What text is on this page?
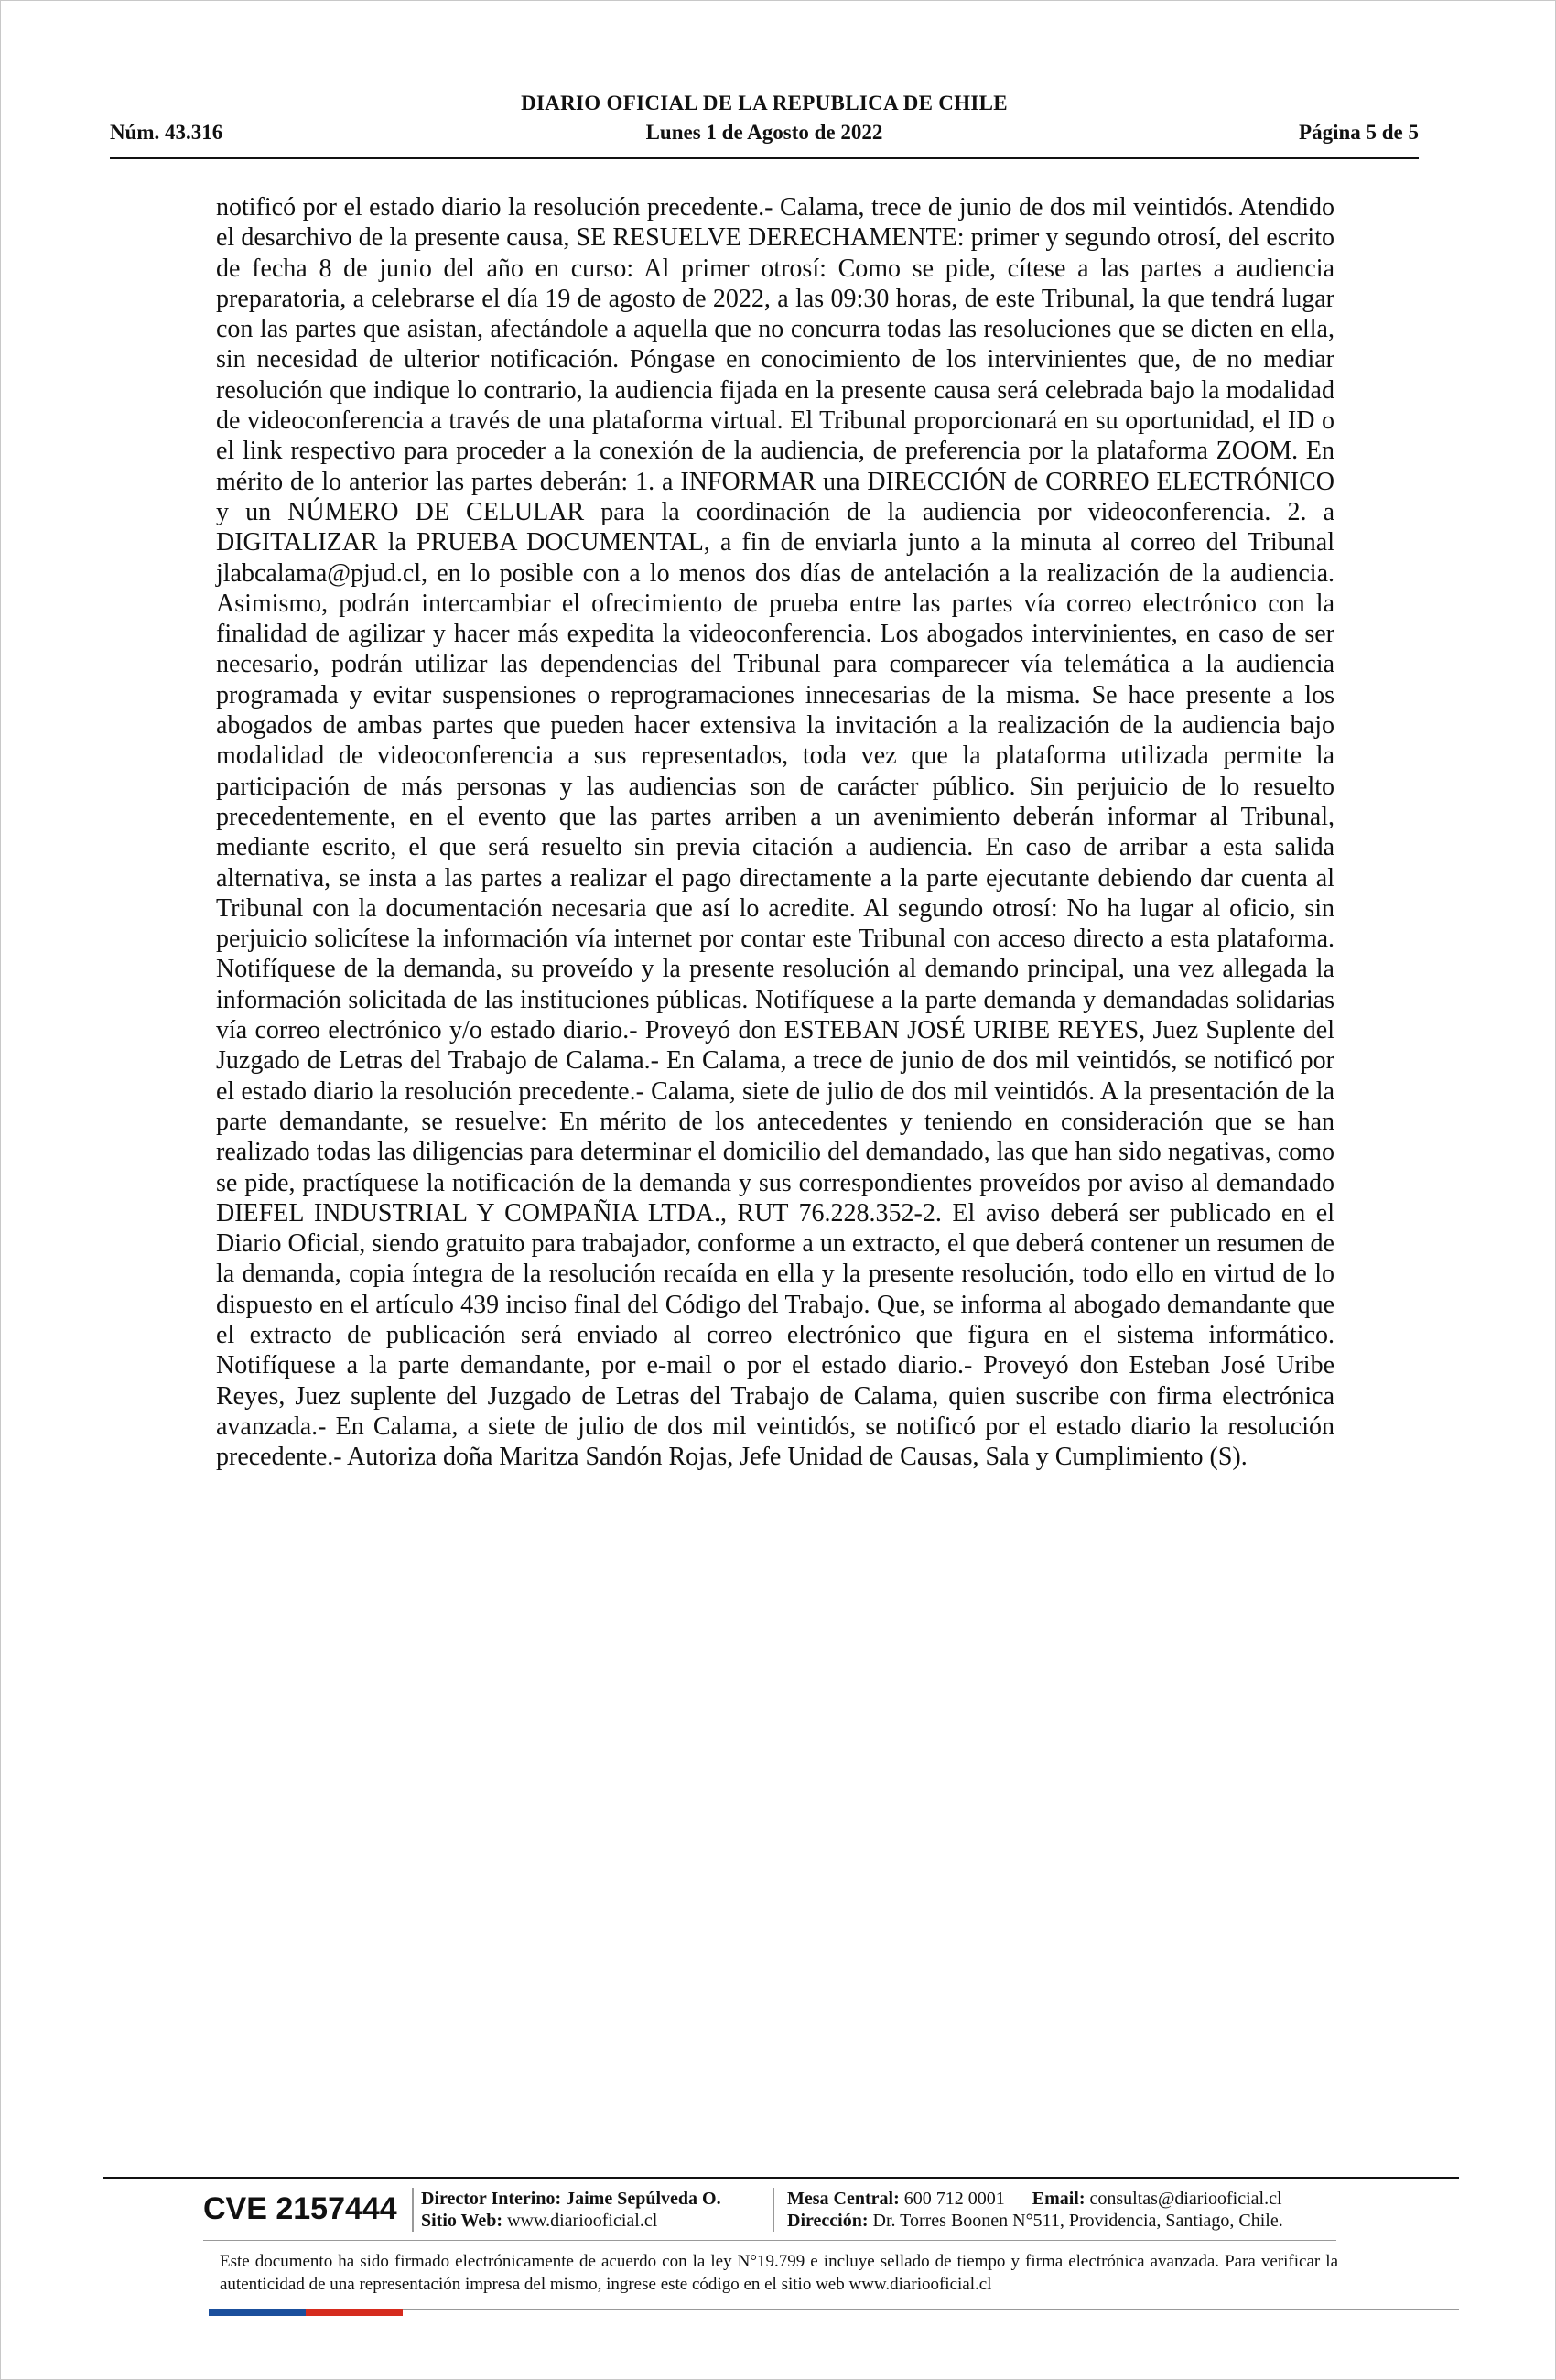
DIARIO OFICIAL DE LA REPUBLICA DE CHILE
Núm. 43.316	Lunes 1 de Agosto de 2022	Página 5 de 5

notificó por el estado diario la resolución precedente.- Calama, trece de junio de dos mil veintidós. Atendido el desarchivo de la presente causa, SE RESUELVE DERECHAMENTE: primer y segundo otrosí, del escrito de fecha 8 de junio del año en curso: Al primer otrosí: Como se pide, cítese a las partes a audiencia preparatoria, a celebrarse el día 19 de agosto de 2022, a las 09:30 horas, de este Tribunal, la que tendrá lugar con las partes que asistan, afectándole a aquella que no concurra todas las resoluciones que se dicten en ella, sin necesidad de ulterior notificación. Póngase en conocimiento de los intervinientes que, de no mediar resolución que indique lo contrario, la audiencia fijada en la presente causa será celebrada bajo la modalidad de videoconferencia a través de una plataforma virtual. El Tribunal proporcionará en su oportunidad, el ID o el link respectivo para proceder a la conexión de la audiencia, de preferencia por la plataforma ZOOM. En mérito de lo anterior las partes deberán: 1. a INFORMAR una DIRECCIÓN de CORREO ELECTRÓNICO y un NÚMERO DE CELULAR para la coordinación de la audiencia por videoconferencia. 2. a DIGITALIZAR la PRUEBA DOCUMENTAL, a fin de enviarla junto a la minuta al correo del Tribunal jlabcalama@pjud.cl, en lo posible con a lo menos dos días de antelación a la realización de la audiencia. Asimismo, podrán intercambiar el ofrecimiento de prueba entre las partes vía correo electrónico con la finalidad de agilizar y hacer más expedita la videoconferencia. Los abogados intervinientes, en caso de ser necesario, podrán utilizar las dependencias del Tribunal para comparecer vía telemática a la audiencia programada y evitar suspensiones o reprogramaciones innecesarias de la misma. Se hace presente a los abogados de ambas partes que pueden hacer extensiva la invitación a la realización de la audiencia bajo modalidad de videoconferencia a sus representados, toda vez que la plataforma utilizada permite la participación de más personas y las audiencias son de carácter público. Sin perjuicio de lo resuelto precedentemente, en el evento que las partes arriben a un avenimiento deberán informar al Tribunal, mediante escrito, el que será resuelto sin previa citación a audiencia. En caso de arribar a esta salida alternativa, se insta a las partes a realizar el pago directamente a la parte ejecutante debiendo dar cuenta al Tribunal con la documentación necesaria que así lo acredite. Al segundo otrosí: No ha lugar al oficio, sin perjuicio solicítese la información vía internet por contar este Tribunal con acceso directo a esta plataforma. Notifíquese de la demanda, su proveído y la presente resolución al demando principal, una vez allegada la información solicitada de las instituciones públicas. Notifíquese a la parte demanda y demandadas solidarias vía correo electrónico y/o estado diario.- Proveyó don ESTEBAN JOSÉ URIBE REYES, Juez Suplente del Juzgado de Letras del Trabajo de Calama.- En Calama, a trece de junio de dos mil veintidós, se notificó por el estado diario la resolución precedente.- Calama, siete de julio de dos mil veintidós. A la presentación de la parte demandante, se resuelve: En mérito de los antecedentes y teniendo en consideración que se han realizado todas las diligencias para determinar el domicilio del demandado, las que han sido negativas, como se pide, practíquese la notificación de la demanda y sus correspondientes proveídos por aviso al demandado DIEFEL INDUSTRIAL Y COMPAÑIA LTDA., RUT 76.228.352-2. El aviso deberá ser publicado en el Diario Oficial, siendo gratuito para trabajador, conforme a un extracto, el que deberá contener un resumen de la demanda, copia íntegra de la resolución recaída en ella y la presente resolución, todo ello en virtud de lo dispuesto en el artículo 439 inciso final del Código del Trabajo. Que, se informa al abogado demandante que el extracto de publicación será enviado al correo electrónico que figura en el sistema informático. Notifíquese a la parte demandante, por e-mail o por el estado diario.- Proveyó don Esteban José Uribe Reyes, Juez suplente del Juzgado de Letras del Trabajo de Calama, quien suscribe con firma electrónica avanzada.- En Calama, a siete de julio de dos mil veintidós, se notificó por el estado diario la resolución precedente.- Autoriza doña Maritza Sandón Rojas, Jefe Unidad de Causas, Sala y Cumplimiento (S).

CVE 2157444	Director Interino: Jaime Sepúlveda O.
Sitio Web: www.diariooficial.cl
Mesa Central: 600 712 0001 Email: consultas@diariooficial.cl
Dirección: Dr. Torres Boonen N°511, Providencia, Santiago, Chile.
Este documento ha sido firmado electrónicamente de acuerdo con la ley N°19.799 e incluye sellado de tiempo y firma electrónica avanzada. Para verificar la autenticidad de una representación impresa del mismo, ingrese este código en el sitio web www.diariooficial.cl
